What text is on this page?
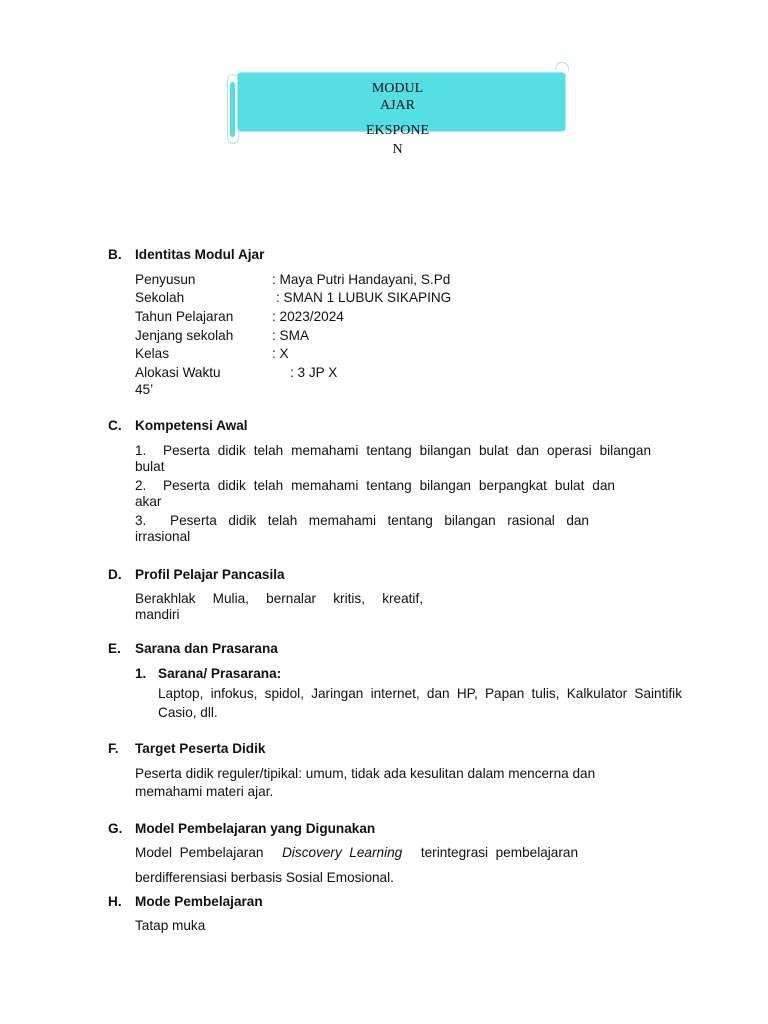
MODUL
AJAR
EKSPONE
N
B. Identitas Modul Ajar
Penyusun	: Maya Putri Handayani, S.Pd
Sekolah	: SMAN 1 LUBUK SIKAPING
Tahun Pelajaran	: 2023/2024
Jenjang sekolah	: SMA
Kelas	: X
Alokasi Waktu	: 3 JP X
45’
C. Kompetensi Awal
1. Peserta didik telah memahami tentang bilangan bulat dan operasi bilangan
bulat
2. Peserta didik telah memahami tentang bilangan berpangkat bulat dan
akar
3. Peserta didik telah memahami tentang bilangan rasional dan
irrasional
D. Profil Pelajar Pancasila
Berakhlak Mulia, bernalar kritis, kreatif,
mandiri
E. Sarana dan Prasarana
1. Sarana/ Prasarana:
Laptop, infokus, spidol, Jaringan internet, dan HP, Papan tulis, Kalkulator Saintifik
Casio, dll.
F. Target Peserta Didik
Peserta didik reguler/tipikal: umum, tidak ada kesulitan dalam mencerna dan
memahami materi ajar.
G. Model Pembelajaran yang Digunakan
Model  Pembelajaran Discovery  Learning terintegrasi  pembelajaran
berdifferensiasi berbasis Sosial Emosional.
H. Mode Pembelajaran
Tatap muka
